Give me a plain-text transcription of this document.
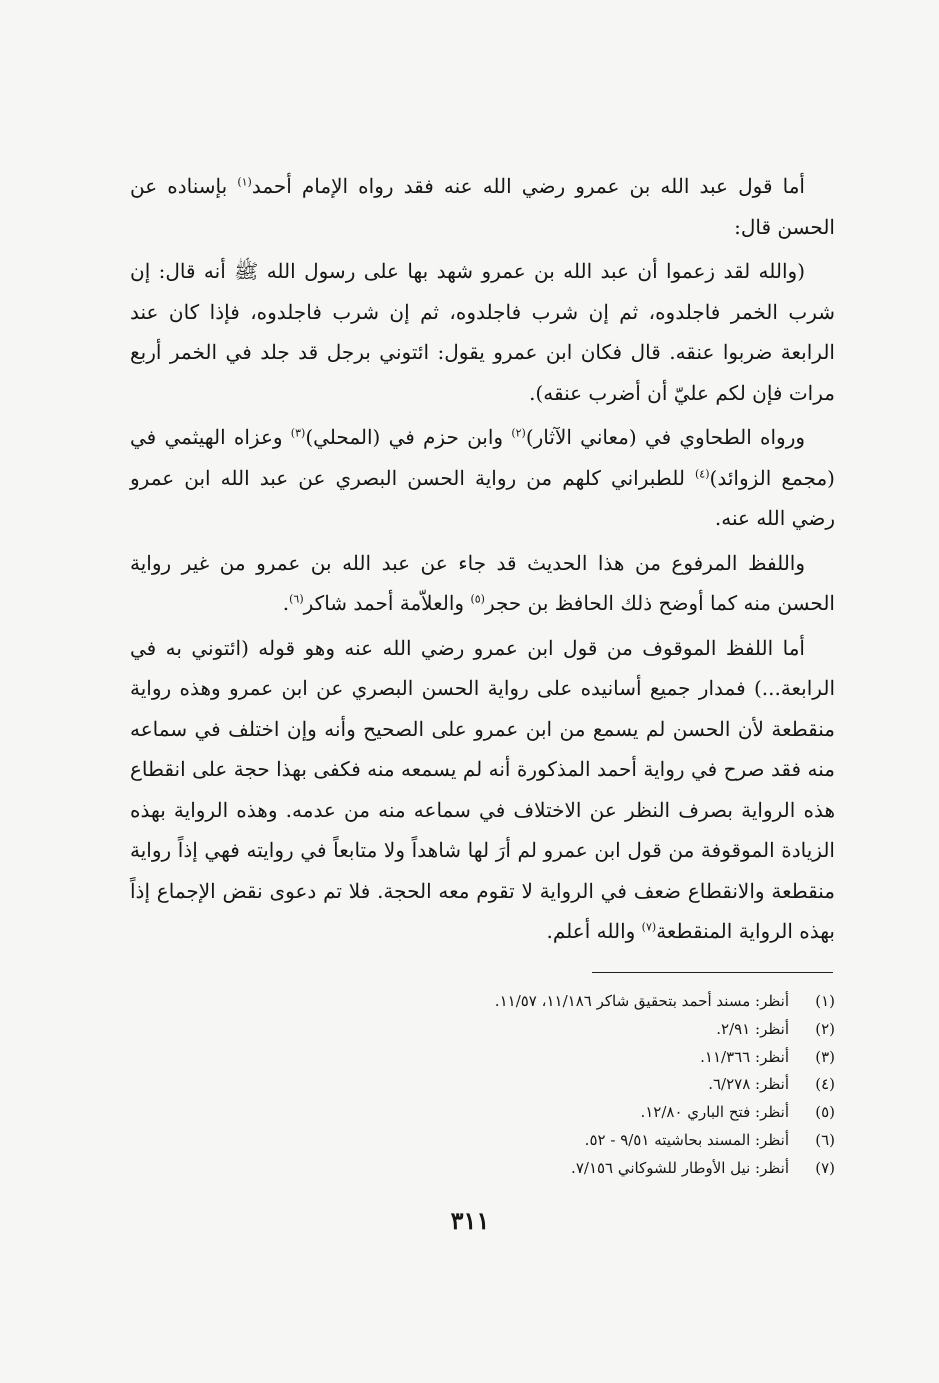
أما قول عبد الله بن عمرو رضي الله عنه فقد رواه الإمام أحمد$^{(١)}$ بإسناده عن الحسن قال:

(والله لقد زعموا أن عبد الله بن عمرو شهد بها على رسول الله ﷺ أنه قال: إن شرب الخمر فاجلدوه، ثم إن شرب فاجلدوه، ثم إن شرب فاجلدوه، فإذا كان عند الرابعة ضربوا عنقه. قال فكان ابن عمرو يقول: ائتوني برجل قد جلد في الخمر أربع مرات فإن لكم عليّ أن أضرب عنقه).

ورواه الطحاوي في (معاني الآثار)$^{(٢)}$ وابن حزم في (المحلي)$^{(٣)}$ وعزاه الهيثمي في (مجمع الزوائد)$^{(٤)}$ للطبراني كلهم من رواية الحسن البصري عن عبد الله ابن عمرو رضي الله عنه.

واللفظ المرفوع من هذا الحديث قد جاء عن عبد الله بن عمرو من غير رواية الحسن منه كما أوضح ذلك الحافظ بن حجر$^{(٥)}$ والعلاّمة أحمد شاكر$^{(٦)}$.

أما اللفظ الموقوف من قول ابن عمرو رضي الله عنه وهو قوله (ائتوني به في الرابعة...) فمدار جميع أسانيده على رواية الحسن البصري عن ابن عمرو وهذه رواية منقطعة لأن الحسن لم يسمع من ابن عمرو على الصحيح وأنه وإن اختلف في سماعه منه فقد صرح في رواية أحمد المذكورة أنه لم يسمعه منه فكفى بهذا حجة على انقطاع هذه الرواية بصرف النظر عن الاختلاف في سماعه منه من عدمه. وهذه الرواية بهذه الزيادة الموقوفة من قول ابن عمرو لم أرَ لها شاهداً ولا متابعاً في روايته فهي إذاً رواية منقطعة والانقطاع ضعف في الرواية لا تقوم معه الحجة. فلا تم دعوى نقض الإجماع إذاً بهذه الرواية المنقطعة$^{(٧)}$ والله أعلم.

(١)أنظر: مسند أحمد بتحقيق شاكر ١١/١٨٦، ١١/٥٧.
(٢)أنظر: ٢/٩١.
(٣)أنظر: ١١/٣٦٦.
(٤)أنظر: ٦/٢٧٨.
(٥)أنظر: فتح الباري ١٢/٨٠.
(٦)أنظر: المسند بحاشيته ٩/٥١ - ٥٢.
(٧)أنظر: نيل الأوطار للشوكاني ٧/١٥٦.
٣١١
